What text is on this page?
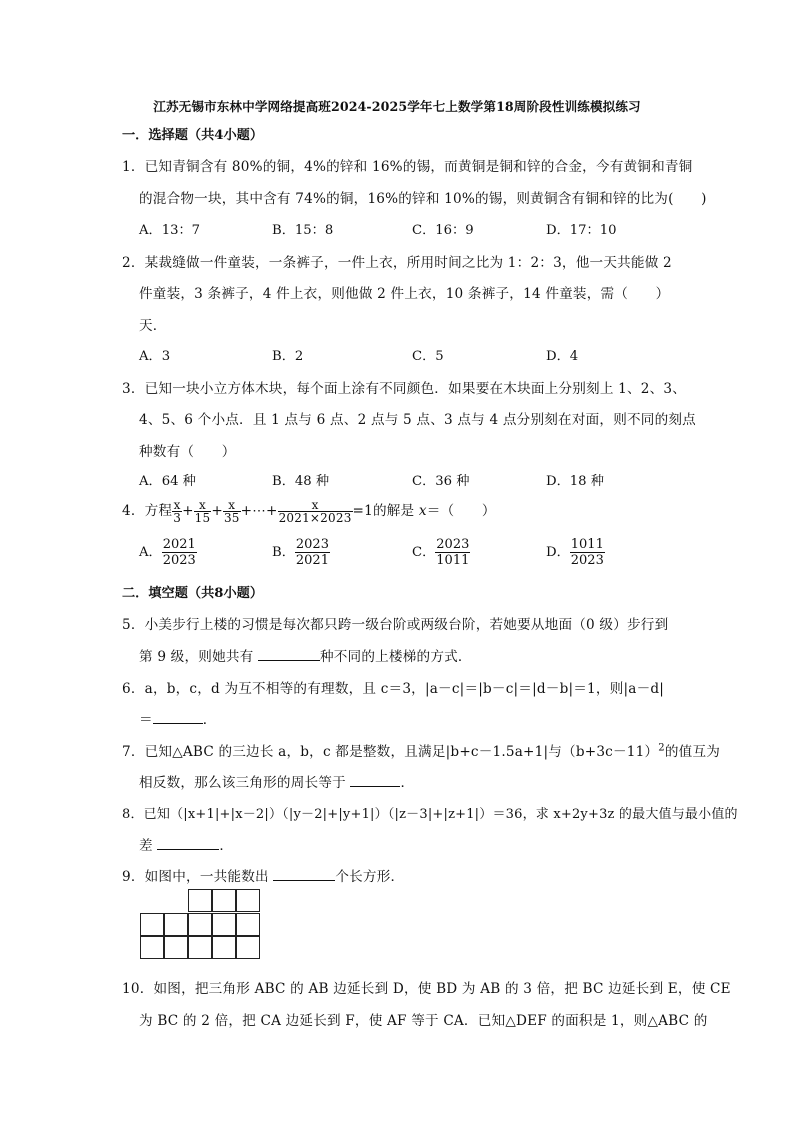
江苏无锡市东林中学网络提高班2024-2025学年七上数学第18周阶段性训练模拟练习
一．选择题（共4小题）
1．已知青铜含有 80%的铜，4%的锌和 16%的锡，而黄铜是铜和锌的合金，今有黄铜和青铜
的混合物一块，其中含有 74%的铜，16%的锌和 10%的锡，则黄铜含有铜和锌的比为(　　)
A．13：7	B．15：8	C．16：9	D．17：10
2．某裁缝做一件童装，一条裤子，一件上衣，所用时间之比为 1：2：3，他一天共能做 2
件童装，3 条裤子，4 件上衣，则他做 2 件上衣，10 条裤子，14 件童装，需（　　）
天．
A．3	B．2	C．5	D．4
3．已知一块小立方体木块，每个面上涂有不同颜色．如果要在木块面上分别刻上 1、2、3、
4、5、6 个小点．且 1 点与 6 点、2 点与 5 点、3 点与 4 点分别刻在对面，则不同的刻点
种数有（　　）
A．64 种	B．48 种	C．36 种	D．18 种
4．方程 $\frac{x}{3} + \frac{x}{15} + \frac{x}{35}$ +⋯+ $\frac{x}{2021\times 2023} =1$的解是 x＝（　　）
A． $\frac{2021}{2023}$	B． $\frac{2023}{2021}$	C． $\frac{2023}{1011}$	D． $\frac{1011}{2023}$
二．填空题（共8小题）
5．小美步行上楼的习惯是每次都只跨一级台阶或两级台阶，若她要从地面（0 级）步行到
第 9 级，则她共有	种不同的上楼梯的方式．
6．a，b，c，d 为互不相等的有理数，且 c＝3，|a－c|＝|b－c|＝|d－b|＝1，则|a－d|
＝	．
7．已知△ABC 的三边长 a，b，c 都是整数，且满足|b+c－1.5a+1|与$(b+3c-11)^2$的值互为
相反数，那么该三角形的周长等于	．
8．已知（|x+1|+|x－2|）（|y－2|+|y+1|）（|z－3|+|z+1|）＝36，求 x+2y+3z 的最大值与最小值的
差	．
9．如图中，一共能数出	个长方形．
10．如图，把三角形 ABC 的 AB 边延长到 D，使 BD 为 AB 的 3 倍，把 BC 边延长到 E，使 CE
为 BC 的 2 倍，把 CA 边延长到 F，使 AF 等于 CA．已知△DEF 的面积是 1，则△ABC 的
